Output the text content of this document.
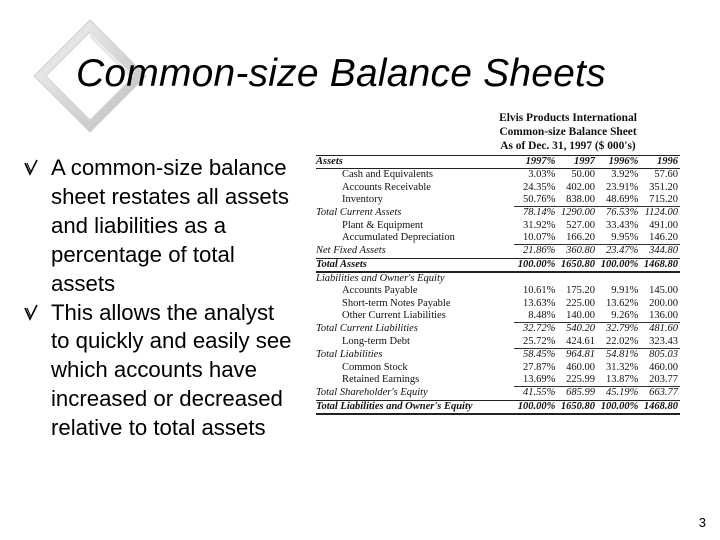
Common-size Balance Sheets
A common-size balance sheet restates all assets and liabilities as a percentage of total assets
This allows the analyst to quickly and easily see which accounts have increased or decreased relative to total assets
Elvis Products International
Common-size Balance Sheet
As of Dec. 31, 1997 ($ 000's)
Assets	1997%	1997	1996%	1996
Cash and Equivalents	3.03%	50.00	3.92%	57.60
Accounts Receivable	24.35%	402.00	23.91%	351.20
Inventory	50.76%	838.00	48.69%	715.20
Total Current Assets	78.14%	1290.00	76.53%	1124.00
Plant & Equipment	31.92%	527.00	33.43%	491.00
Accumulated Depreciation	10.07%	166.20	9.95%	146.20
Net Fixed Assets	21.86%	360.80	23.47%	344.80
Total Assets	100.00%	1650.80	100.00%	1468.80
Liabilities and Owner's Equity				
Accounts Payable	10.61%	175.20	9.91%	145.00
Short-term Notes Payable	13.63%	225.00	13.62%	200.00
Other Current Liabilities	8.48%	140.00	9.26%	136.00
Total Current Liabilities	32.72%	540.20	32.79%	481.60
Long-term Debt	25.72%	424.61	22.02%	323.43
Total Liabilities	58.45%	964.81	54.81%	805.03
Common Stock	27.87%	460.00	31.32%	460.00
Retained Earnings	13.69%	225.99	13.87%	203.77
Total Shareholder's Equity	41.55%	685.99	45.19%	663.77
Total Liabilities and Owner's Equity	100.00%	1650.80	100.00%	1468.80
3
